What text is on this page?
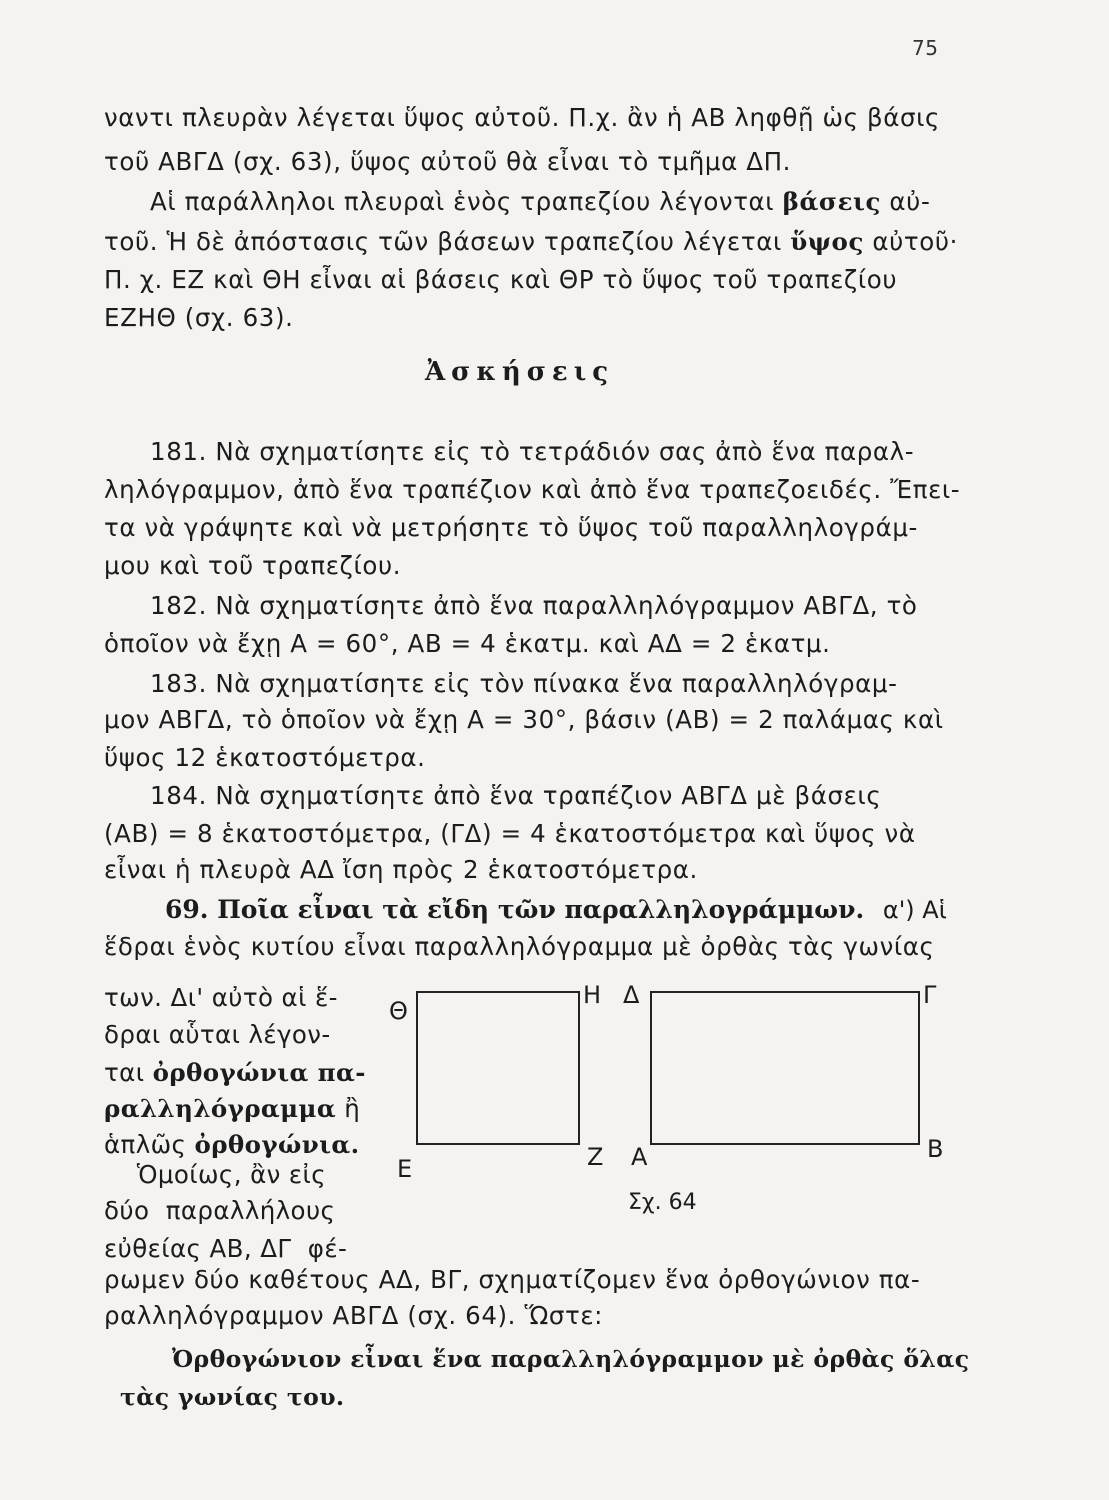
75
ναντι πλευρὰν λέγεται ὕψος αὐτοῦ. Π.χ. ἂν ἡ ΑΒ ληφθῇ ὡς βάσις
τοῦ ΑΒΓΔ (σχ. 63), ὕψος αὐτοῦ θὰ εἶναι τὸ τμῆμα ΔΠ.
Αἱ παράλληλοι πλευραὶ ἑνὸς τραπεζίου λέγονται βάσεις αὐ-
τοῦ. Ἡ δὲ ἀπόστασις τῶν βάσεων τραπεζίου λέγεται ὕψος αὐτοῦ·
Π. χ. ΕΖ καὶ ΘΗ εἶναι αἱ βάσεις καὶ ΘΡ τὸ ὕψος τοῦ τραπεζίου
ΕΖΗΘ (σχ. 63).
Ἀσκήσεις
181. Νὰ σχηματίσητε εἰς τὸ τετράδιόν σας ἀπὸ ἕνα παραλ-
ληλόγραμμον, ἀπὸ ἕνα τραπέζιον καὶ ἀπὸ ἕνα τραπεζοειδές. Ἔπει-
τα νὰ γράψητε καὶ νὰ μετρήσητε τὸ ὕψος τοῦ παραλληλογράμ-
μου καὶ τοῦ τραπεζίου.
182. Νὰ σχηματίσητε ἀπὸ ἕνα παραλληλόγραμμον ΑΒΓΔ, τὸ
ὁποῖον νὰ ἔχῃ Α = 60°, ΑΒ = 4 ἑκατμ. καὶ ΑΔ = 2 ἑκατμ.
183. Νὰ σχηματίσητε εἰς τὸν πίνακα ἕνα παραλληλόγραμ-
μον ΑΒΓΔ, τὸ ὁποῖον νὰ ἔχῃ Α = 30°, βάσιν (ΑΒ) = 2 παλάμας καὶ
ὕψος 12 ἑκατοστόμετρα.
184. Νὰ σχηματίσητε ἀπὸ ἕνα τραπέζιον ΑΒΓΔ μὲ βάσεις
(ΑΒ) = 8 ἑκατοστόμετρα, (ΓΔ) = 4 ἑκατοστόμετρα καὶ ὕψος νὰ
εἶναι ἡ πλευρὰ ΑΔ ἴση πρὸς 2 ἑκατοστόμετρα.
69. Ποῖα εἶναι τὰ εἴδη τῶν παραλληλογράμμων. α') Αἱ
ἕδραι ἑνὸς κυτίου εἶναι παραλληλόγραμμα μὲ ὀρθὰς τὰς γωνίας
των. Δι' αὐτὸ αἱ ἕ-
δραι αὗται λέγον-
ται ὀρθογώνια πα-
ραλληλόγραμμα ἢ
ἁπλῶς ὀρθογώνια.
Ὁμοίως, ἂν εἰς
δύο  παραλλήλους
εὐθείας ΑΒ, ΔΓ  φέ-
Θ
Η
Ε	Ζ
Δ	Γ
Α	Β
Σχ. 64
ρωμεν δύο καθέτους ΑΔ, ΒΓ, σχηματίζομεν ἕνα ὀρθογώνιον πα-
ραλληλόγραμμον ΑΒΓΔ (σχ. 64). Ὥστε:
Ὀρθογώνιον εἶναι ἕνα παραλληλόγραμμον μὲ ὀρθὰς ὅλας
τὰς γωνίας του.
